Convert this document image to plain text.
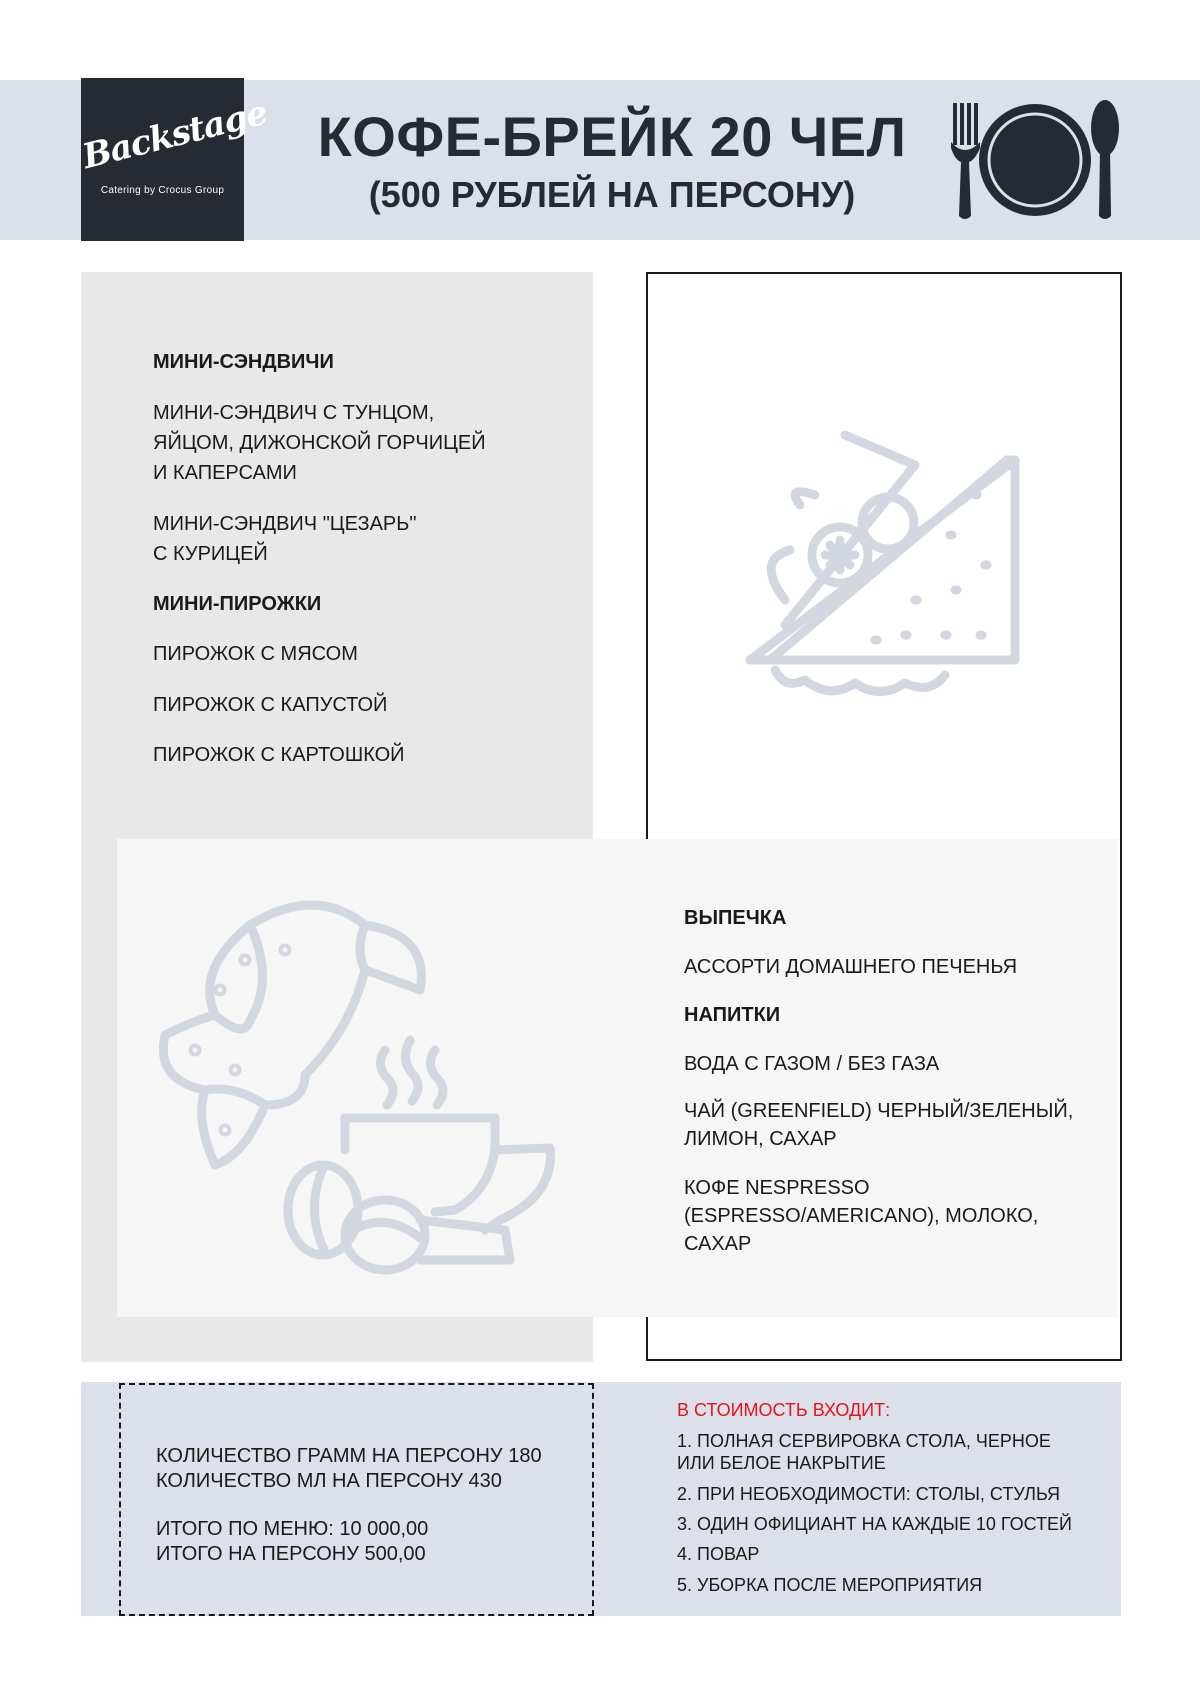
Backstage
Catering by Crocus Group
КОФЕ-БРЕЙК 20 ЧЕЛ
(500 РУБЛЕЙ НА ПЕРСОНУ)
МИНИ-СЭНДВИЧИ
МИНИ-СЭНДВИЧ С ТУНЦОМ,
ЯЙЦОМ, ДИЖОНСКОЙ ГОРЧИЦЕЙ
И КАПЕРСАМИ
МИНИ-СЭНДВИЧ "ЦЕЗАРЬ"
С КУРИЦЕЙ
МИНИ-ПИРОЖКИ
ПИРОЖОК С МЯСОМ
ПИРОЖОК С КАПУСТОЙ
ПИРОЖОК С КАРТОШКОЙ
ВЫПЕЧКА
АССОРТИ ДОМАШНЕГО ПЕЧЕНЬЯ
НАПИТКИ
ВОДА С ГАЗОМ / БЕЗ ГАЗА
ЧАЙ (GREENFIELD) ЧЕРНЫЙ/ЗЕЛЕНЫЙ,
ЛИМОН, САХАР
КОФЕ NESPRESSO
(ESPRESSO/AMERICANO), МОЛОКО,
САХАР
КОЛИЧЕСТВО ГРАММ НА ПЕРСОНУ 180
КОЛИЧЕСТВО МЛ НА ПЕРСОНУ 430
ИТОГО ПО МЕНЮ: 10 000,00
ИТОГО НА ПЕРСОНУ 500,00
В СТОИМОСТЬ ВХОДИТ:
1. ПОЛНАЯ СЕРВИРОВКА СТОЛА, ЧЕРНОЕ
ИЛИ БЕЛОЕ НАКРЫТИЕ
2. ПРИ НЕОБХОДИМОСТИ: СТОЛЫ, СТУЛЬЯ
3. ОДИН ОФИЦИАНТ НА КАЖДЫЕ 10 ГОСТЕЙ
4. ПОВАР
5. УБОРКА ПОСЛЕ МЕРОПРИЯТИЯ
